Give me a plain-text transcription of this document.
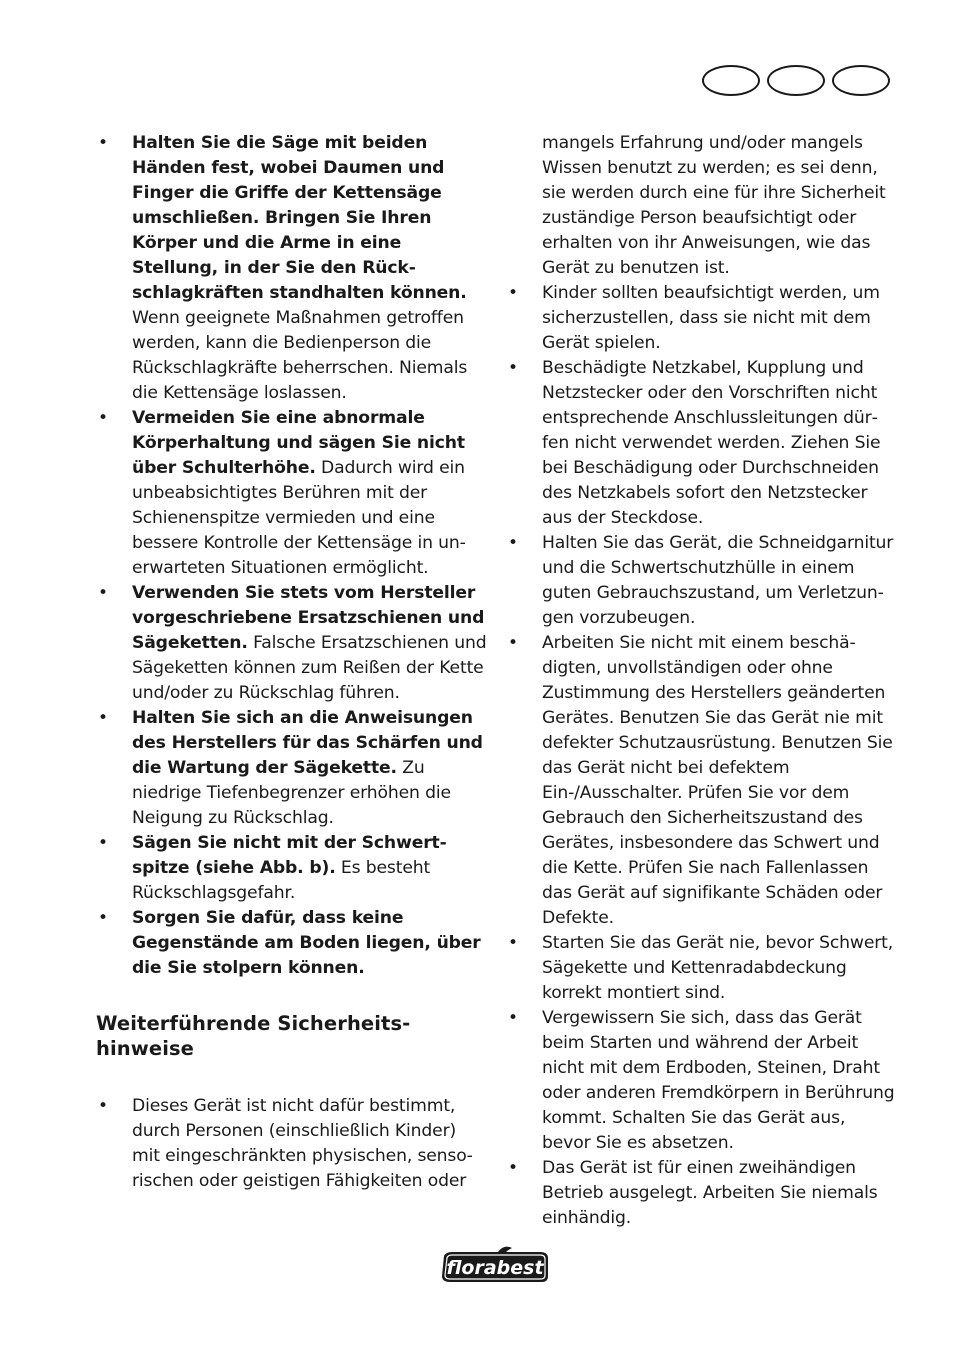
• Halten Sie die Säge mit beiden Händen fest, wobei Daumen und Finger die Griffe der Kettensäge umschließen. Bringen Sie Ihren Körper und die Arme in eine Stellung, in der Sie den Rückschlagkräften standhalten können. Wenn geeignete Maßnahmen getroffen werden, kann die Bedienperson die Rückschlagkräfte beherrschen. Niemals die Kettensäge loslassen.
• Vermeiden Sie eine abnormale Körperhaltung und sägen Sie nicht über Schulterhöhe. Dadurch wird ein unbeabsichtigtes Berühren mit der Schienenspitze vermieden und eine bessere Kontrolle der Kettensäge in unerwarteten Situationen ermöglicht.
• Verwenden Sie stets vom Hersteller vorgeschriebene Ersatzschienen und Sägeketten. Falsche Ersatzschienen und Sägeketten können zum Reißen der Kette und/oder zu Rückschlag führen.
• Halten Sie sich an die Anweisungen des Herstellers für das Schärfen und die Wartung der Sägekette. Zu niedrige Tiefenbegrenzer erhöhen die Neigung zu Rückschlag.
• Sägen Sie nicht mit der Schwertspitze (siehe Abb. b). Es besteht Rückschlagsgefahr.
• Sorgen Sie dafür, dass keine Gegenstände am Boden liegen, über die Sie stolpern können.
Weiterführende Sicherheits-
hinweise
• Dieses Gerät ist nicht dafür bestimmt, durch Personen (einschließlich Kinder) mit eingeschränkten physischen, sensorischen oder geistigen Fähigkeiten oder
mangels Erfahrung und/oder mangels Wissen benutzt zu werden; es sei denn, sie werden durch eine für ihre Sicherheit zuständige Person beaufsichtigt oder erhalten von ihr Anweisungen, wie das Gerät zu benutzen ist.
• Kinder sollten beaufsichtigt werden, um sicherzustellen, dass sie nicht mit dem Gerät spielen.
• Beschädigte Netzkabel, Kupplung und Netzstecker oder den Vorschriften nicht entsprechende Anschlussleitungen dürfen nicht verwendet werden. Ziehen Sie bei Beschädigung oder Durchschneiden des Netzkabels sofort den Netzstecker aus der Steckdose.
• Halten Sie das Gerät, die Schneidgarnitur und die Schwertschutzhülle in einem guten Gebrauchszustand, um Verletzungen vorzubeugen.
• Arbeiten Sie nicht mit einem beschädigten, unvollständigen oder ohne Zustimmung des Herstellers geänderten Gerätes. Benutzen Sie das Gerät nie mit defekter Schutzausrüstung. Benutzen Sie das Gerät nicht bei defektem Ein-/Ausschalter. Prüfen Sie vor dem Gebrauch den Sicherheitszustand des Gerätes, insbesondere das Schwert und die Kette. Prüfen Sie nach Fallenlassen das Gerät auf signifikante Schäden oder Defekte.
• Starten Sie das Gerät nie, bevor Schwert, Sägekette und Kettenradabdeckung korrekt montiert sind.
• Vergewissern Sie sich, dass das Gerät beim Starten und während der Arbeit nicht mit dem Erdboden, Steinen, Draht oder anderen Fremdkörpern in Berührung kommt. Schalten Sie das Gerät aus, bevor Sie es absetzen.
• Das Gerät ist für einen zweihändigen Betrieb ausgelegt. Arbeiten Sie niemals einhändig.
florabest
